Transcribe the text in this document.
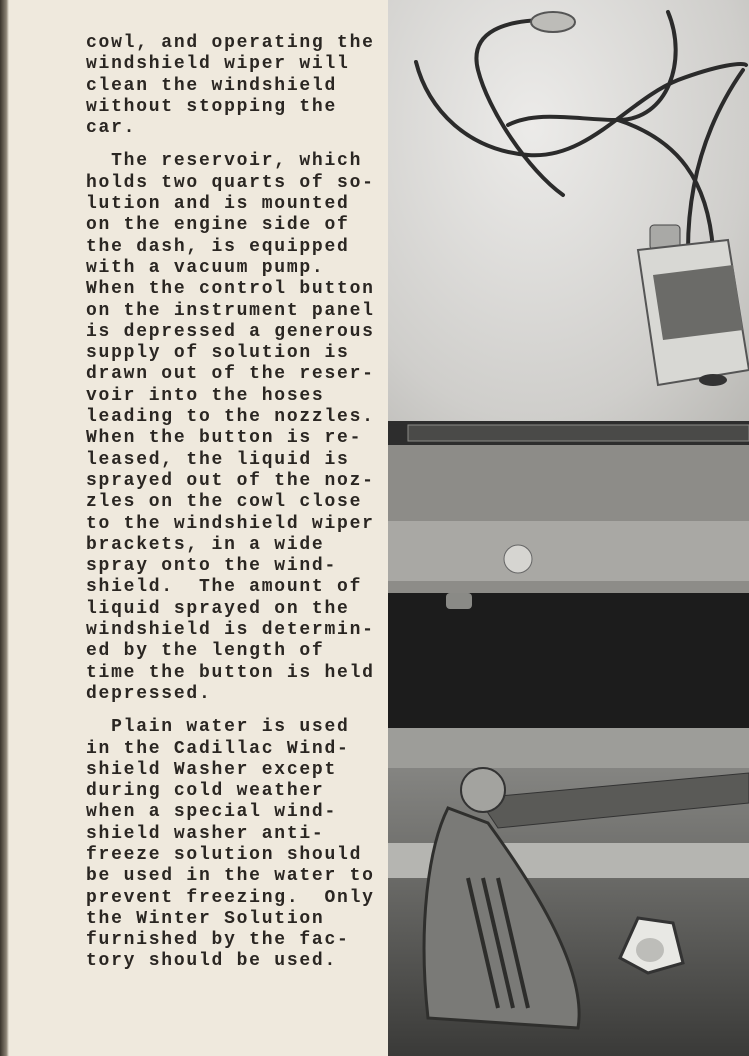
cowl, and operating the
windshield wiper will
clean the windshield
without stopping the
car.

The reservoir, which
holds two quarts of so-
lution and is mounted
on the engine side of
the dash, is equipped
with a vacuum pump.
When the control button
on the instrument panel
is depressed a generous
supply of solution is
drawn out of the reser-
voir into the hoses
leading to the nozzles.
When the button is re-
leased, the liquid is
sprayed out of the noz-
zles on the cowl close
to the windshield wiper
brackets, in a wide
spray onto the wind-
shield.  The amount of
liquid sprayed on the
windshield is determin-
ed by the length of
time the button is held
depressed.

Plain water is used
in the Cadillac Wind-
shield Washer except
during cold weather
when a special wind-
shield washer anti-
freeze solution should
be used in the water to
prevent freezing.  Only
the Winter Solution
furnished by the fac-
tory should be used.
